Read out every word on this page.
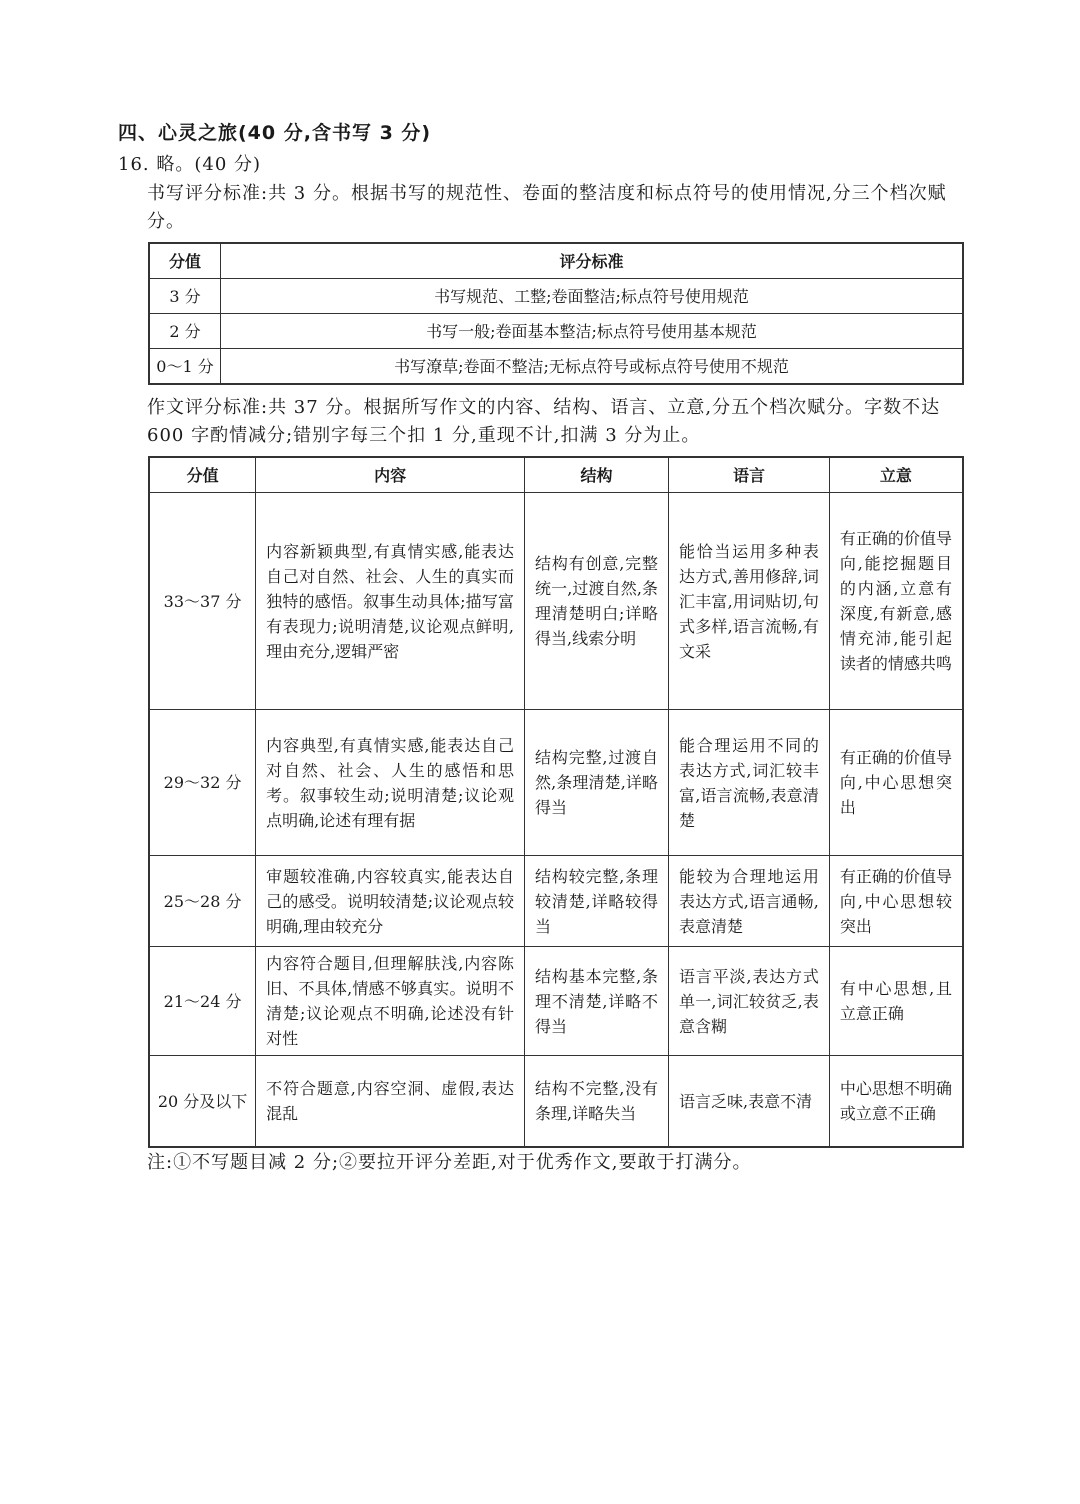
四、心灵之旅(40 分,含书写 3 分)
16. 略。(40 分)
书写评分标准:共 3 分。根据书写的规范性、卷面的整洁度和标点符号的使用情况,分三个档次赋分。
分值	评分标准
3 分	书写规范、工整;卷面整洁;标点符号使用规范
2 分	书写一般;卷面基本整洁;标点符号使用基本规范
0～1 分	书写潦草;卷面不整洁;无标点符号或标点符号使用不规范
作文评分标准:共 37 分。根据所写作文的内容、结构、语言、立意,分五个档次赋分。字数不达 600 字酌情减分;错别字每三个扣 1 分,重现不计,扣满 3 分为止。
分值	内容	结构	语言	立意
33～37 分	内容新颖典型,有真情实感,能表达自己对自然、社会、人生的真实而独特的感悟。叙事生动具体;描写富有表现力;说明清楚,议论观点鲜明,理由充分,逻辑严密	结构有创意,完整统一,过渡自然,条理清楚明白;详略得当,线索分明	能恰当运用多种表达方式,善用修辞,词汇丰富,用词贴切,句式多样,语言流畅,有文采	有正确的价值导向,能挖掘题目的内涵,立意有深度,有新意,感情充沛,能引起读者的情感共鸣
29～32 分	内容典型,有真情实感,能表达自己对自然、社会、人生的感悟和思考。叙事较生动;说明清楚;议论观点明确,论述有理有据	结构完整,过渡自然,条理清楚,详略得当	能合理运用不同的表达方式,词汇较丰富,语言流畅,表意清楚	有正确的价值导向,中心思想突出
25～28 分	审题较准确,内容较真实,能表达自己的感受。说明较清楚;议论观点较明确,理由较充分	结构较完整,条理较清楚,详略较得当	能较为合理地运用表达方式,语言通畅,表意清楚	有正确的价值导向,中心思想较突出
21～24 分	内容符合题目,但理解肤浅,内容陈旧、不具体,情感不够真实。说明不清楚;议论观点不明确,论述没有针对性	结构基本完整,条理不清楚,详略不得当	语言平淡,表达方式单一,词汇较贫乏,表意含糊	有中心思想,且立意正确
20 分及以下	不符合题意,内容空洞、虚假,表达混乱	结构不完整,没有条理,详略失当	语言乏味,表意不清	中心思想不明确或立意不正确
注:①不写题目减 2 分;②要拉开评分差距,对于优秀作文,要敢于打满分。
